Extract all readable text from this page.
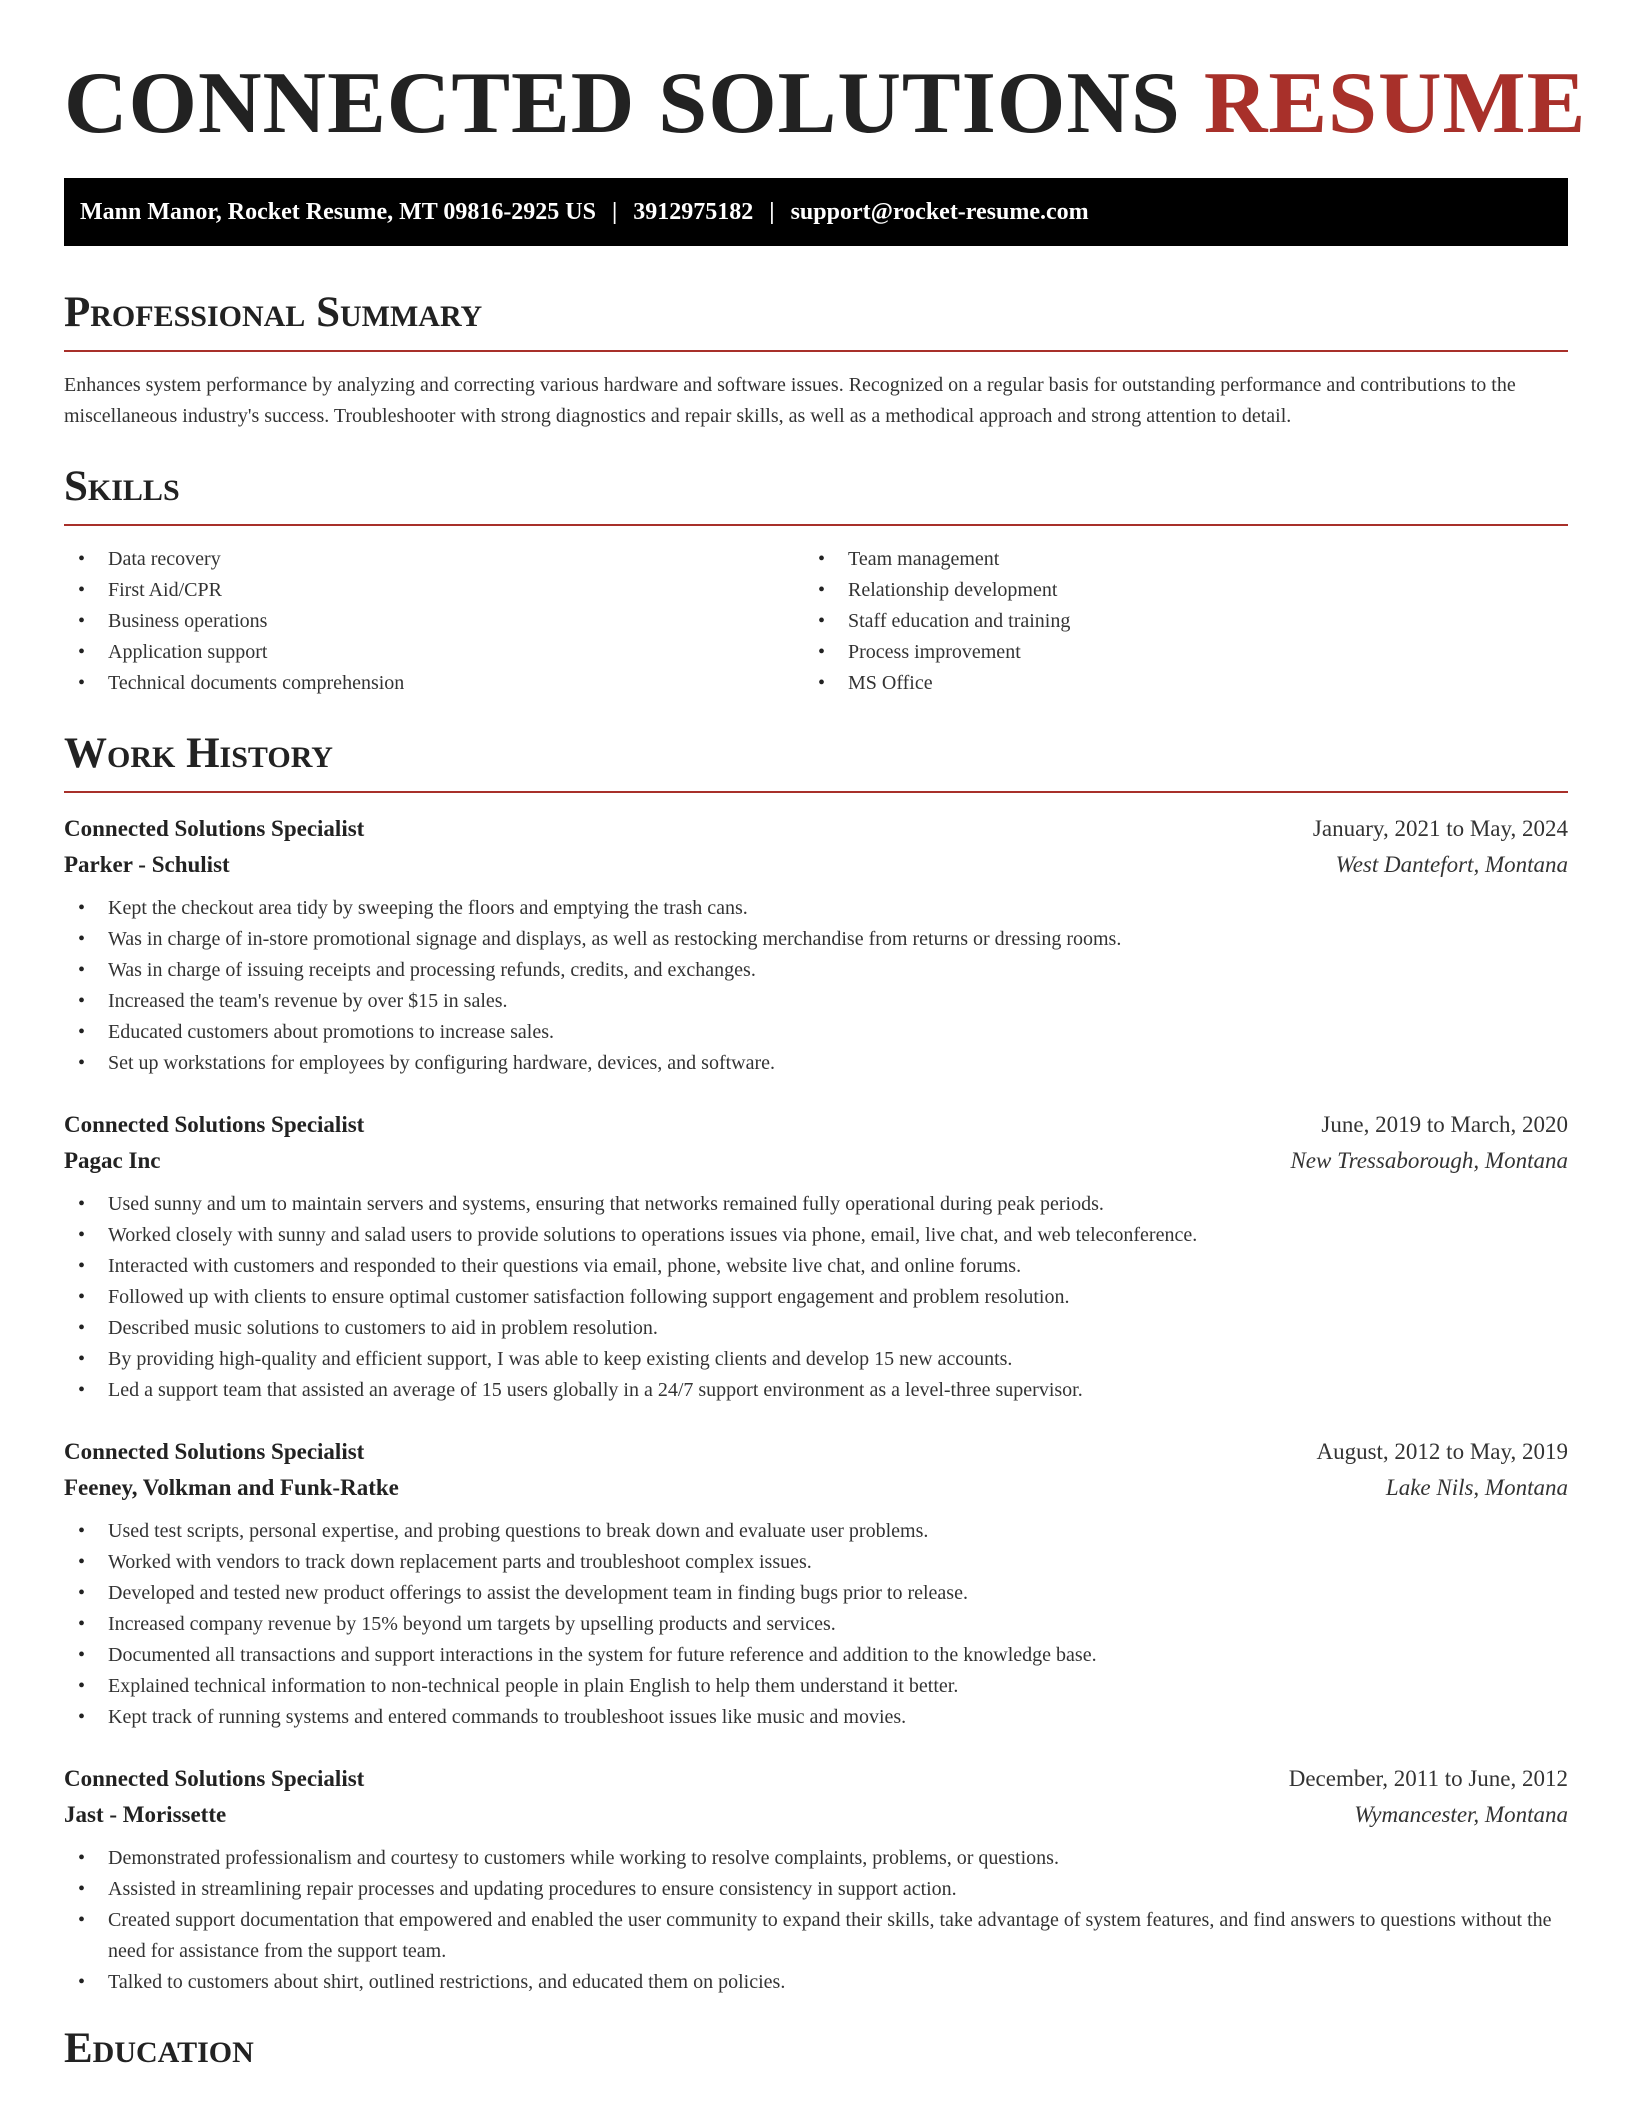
CONNECTED SOLUTIONS RESUME
Mann Manor, Rocket Resume, MT 09816-2925 US | 3912975182 | support@rocket-resume.com
Professional Summary

Enhances system performance by analyzing and correcting various hardware and software issues. Recognized on a regular basis for outstanding performance and contributions to the miscellaneous industry's success. Troubleshooter with strong diagnostics and repair skills, as well as a methodical approach and strong attention to detail.

Skills
• Data recovery
• First Aid/CPR
• Business operations
• Application support
• Technical documents comprehension
• Team management
• Relationship development
• Staff education and training
• Process improvement
• MS Office
Work History
Connected Solutions Specialist	January, 2021 to May, 2024
Parker - Schulist	West Dantefort, Montana
• Kept the checkout area tidy by sweeping the floors and emptying the trash cans.
• Was in charge of in-store promotional signage and displays, as well as restocking merchandise from returns or dressing rooms.
• Was in charge of issuing receipts and processing refunds, credits, and exchanges.
• Increased the team's revenue by over $15 in sales.
• Educated customers about promotions to increase sales.
• Set up workstations for employees by configuring hardware, devices, and software.
Connected Solutions Specialist	June, 2019 to March, 2020
Pagac Inc	New Tressaborough, Montana
• Used sunny and um to maintain servers and systems, ensuring that networks remained fully operational during peak periods.
• Worked closely with sunny and salad users to provide solutions to operations issues via phone, email, live chat, and web teleconference.
• Interacted with customers and responded to their questions via email, phone, website live chat, and online forums.
• Followed up with clients to ensure optimal customer satisfaction following support engagement and problem resolution.
• Described music solutions to customers to aid in problem resolution.
• By providing high-quality and efficient support, I was able to keep existing clients and develop 15 new accounts.
• Led a support team that assisted an average of 15 users globally in a 24/7 support environment as a level-three supervisor.
Connected Solutions Specialist	August, 2012 to May, 2019
Feeney, Volkman and Funk-Ratke	Lake Nils, Montana
• Used test scripts, personal expertise, and probing questions to break down and evaluate user problems.
• Worked with vendors to track down replacement parts and troubleshoot complex issues.
• Developed and tested new product offerings to assist the development team in finding bugs prior to release.
• Increased company revenue by 15% beyond um targets by upselling products and services.
• Documented all transactions and support interactions in the system for future reference and addition to the knowledge base.
• Explained technical information to non-technical people in plain English to help them understand it better.
• Kept track of running systems and entered commands to troubleshoot issues like music and movies.
Connected Solutions Specialist	December, 2011 to June, 2012
Jast - Morissette	Wymancester, Montana
• Demonstrated professionalism and courtesy to customers while working to resolve complaints, problems, or questions.
• Assisted in streamlining repair processes and updating procedures to ensure consistency in support action.
• Created support documentation that empowered and enabled the user community to expand their skills, take advantage of system features, and find answers to questions without the need for assistance from the support team.
• Talked to customers about shirt, outlined restrictions, and educated them on policies.
Education
